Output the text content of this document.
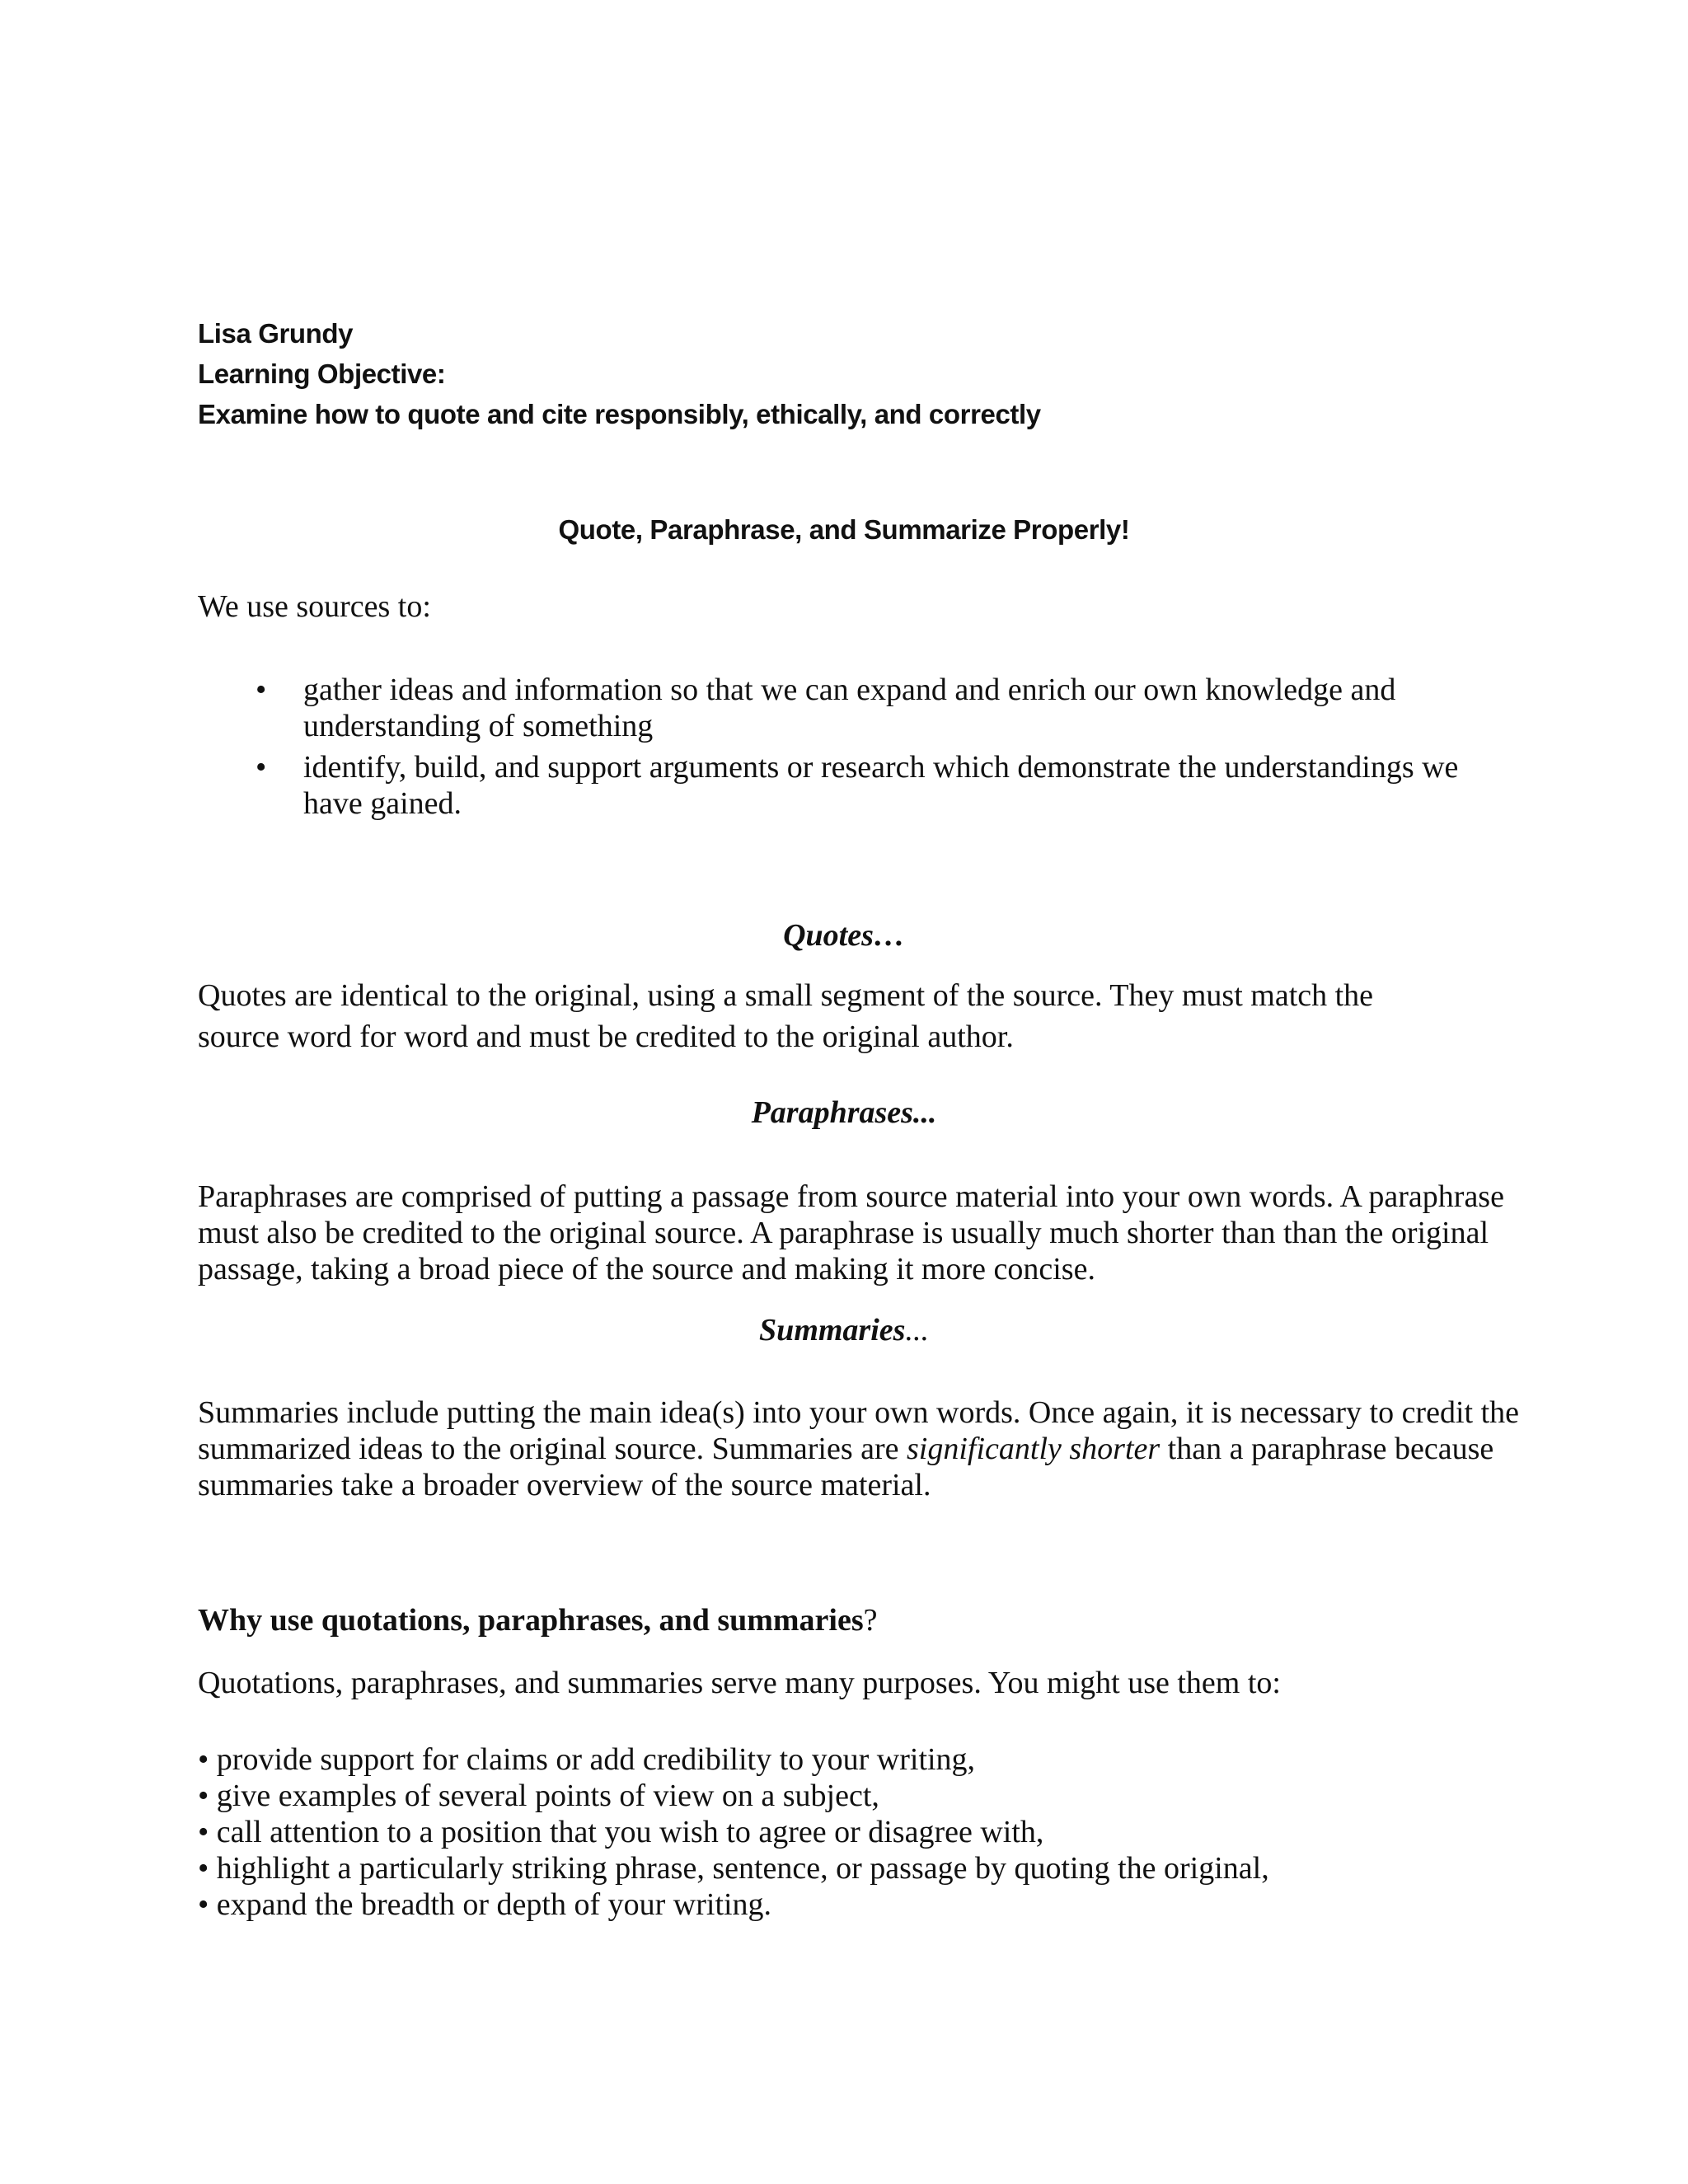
Lisa Grundy

Learning Objective:

Examine how to quote and cite responsibly, ethically, and correctly

Quote, Paraphrase, and Summarize Properly!

We use sources to:

• gather ideas and information so that we can expand and enrich our own knowledge and understanding of something
• identify, build, and support arguments or research which demonstrate the understandings we have gained.

Quotes…

Quotes are identical to the original, using a small segment of the source. They must match the

source word for word and must be credited to the original author.

Paraphrases...

Paraphrases are comprised of putting a passage from source material into your own words. A paraphrase must also be credited to the original source. A paraphrase is usually much shorter than than the original passage, taking a broad piece of the source and making it more concise.

Summaries...

Summaries include putting the main idea(s) into your own words. Once again, it is necessary to credit the summarized ideas to the original source. Summaries are significantly shorter than a paraphrase because summaries take a broader overview of the source material.

Why use quotations, paraphrases, and summaries?

Quotations, paraphrases, and summaries serve many purposes. You might use them to:

• provide support for claims or add credibility to your writing,
• give examples of several points of view on a subject,
• call attention to a position that you wish to agree or disagree with,
• highlight a particularly striking phrase, sentence, or passage by quoting the original,
• expand the breadth or depth of your writing.
